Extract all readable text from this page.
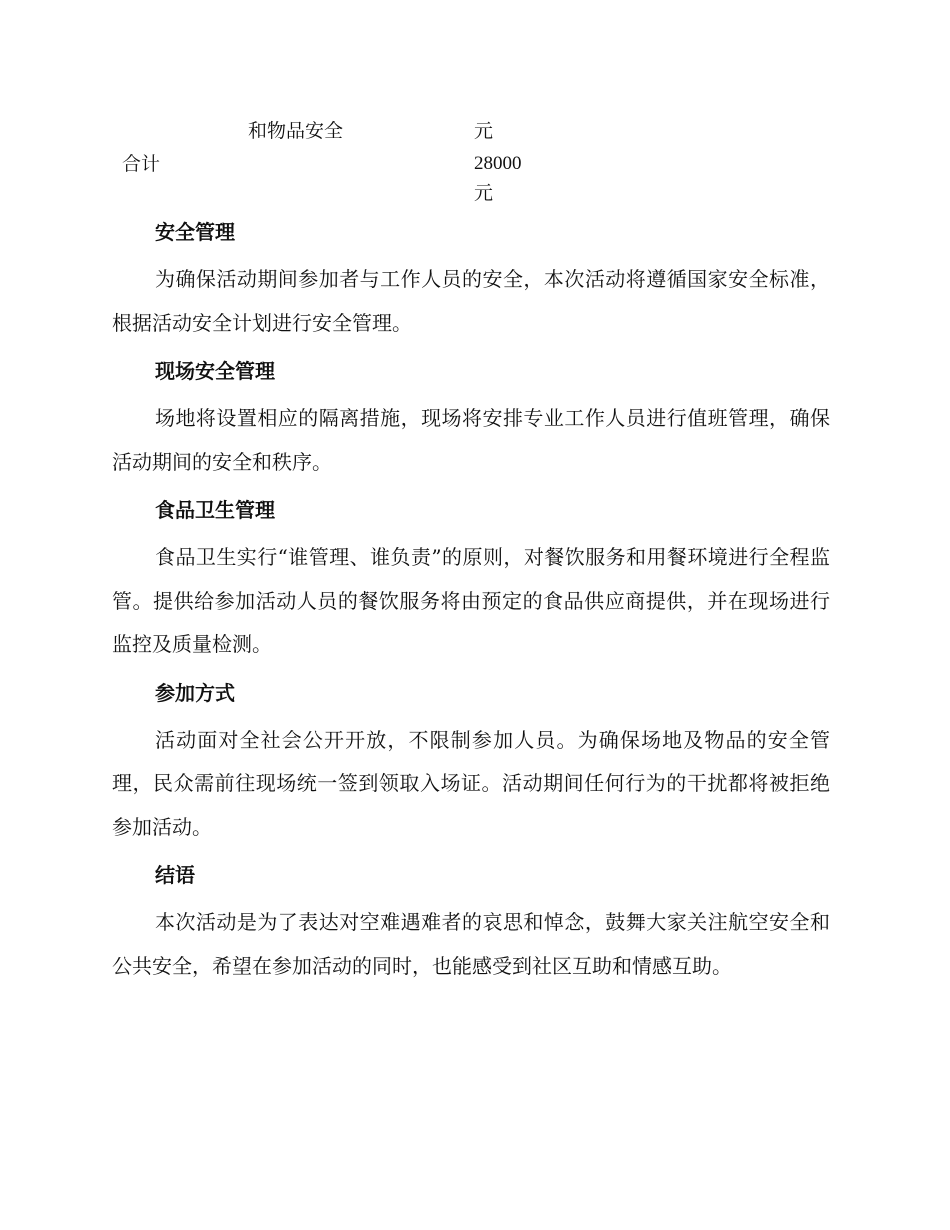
和物品安全	元
合计	28000元
安全管理

为确保活动期间参加者与工作人员的安全，本次活动将遵循国家安全标准，根据活动安全计划进行安全管理。

现场安全管理

场地将设置相应的隔离措施，现场将安排专业工作人员进行值班管理，确保活动期间的安全和秩序。

食品卫生管理

食品卫生实行“谁管理、谁负责”的原则，对餐饮服务和用餐环境进行全程监管。提供给参加活动人员的餐饮服务将由预定的食品供应商提供，并在现场进行监控及质量检测。

参加方式

活动面对全社会公开开放，不限制参加人员。为确保场地及物品的安全管理，民众需前往现场统一签到领取入场证。活动期间任何行为的干扰都将被拒绝参加活动。

结语

本次活动是为了表达对空难遇难者的哀思和悼念，鼓舞大家关注航空安全和公共安全，希望在参加活动的同时，也能感受到社区互助和情感互助。
